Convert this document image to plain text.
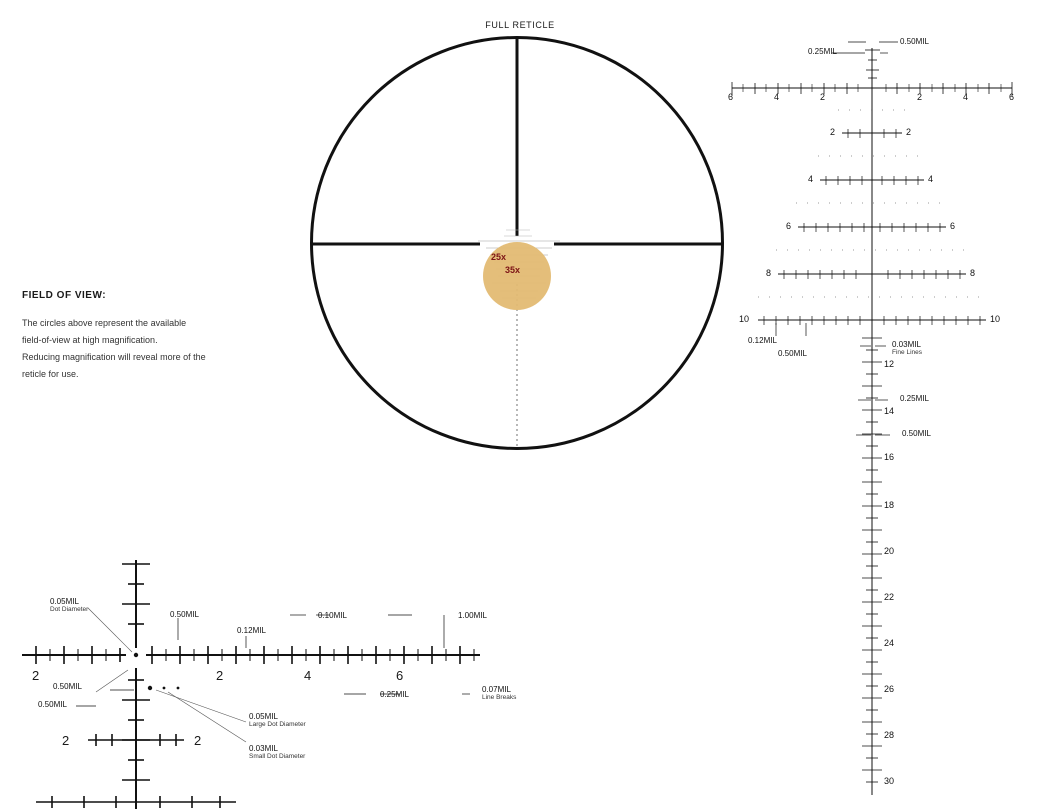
FULL RETICLE
25x
35x
FIELD OF VIEW:
The circles above represent the available
field-of-view at high magnification.
Reducing magnification will reveal more of the
reticle for use.
6	4	2	2	4	6
2	2
4	4
6	6
8	8
10	10
0.25MIL
0.50MIL
0.12MIL
0.50MIL
0.03MIL
Fine Lines
0.25MIL
0.50MIL
12
14
16
18
20
22
24
26
28
30
0.05MIL
Dot Diameter
0.50MIL
0.12MIL
0.10MIL	1.00MIL
0.25MIL
0.07MIL
Line Breaks
0.50MIL
0.50MIL
0.05MIL
Large Dot Diameter
0.03MIL
Small Dot Diameter
2	2	4	6
2	2
